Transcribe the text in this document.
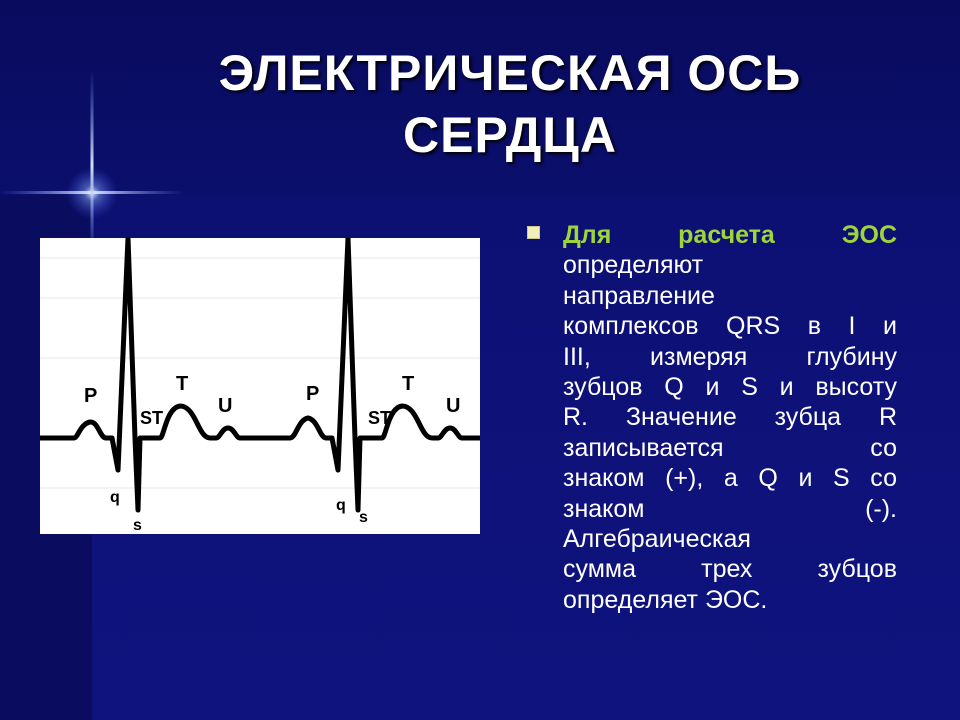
ЭЛЕКТРИЧЕСКАЯ ОСЬ
СЕРДЦА
P
ST
T
U
q
s
P
ST
T
U
q
s
Для расчета ЭОС
определяют
направление
комплексов QRS в I и
III, измеряя глубину
зубцов Q и S и высоту
R. Значение зубца R
записывается со
знаком (+), а Q и S со
знаком (-).
Алгебраическая
сумма трех зубцов
определяет ЭОС.
